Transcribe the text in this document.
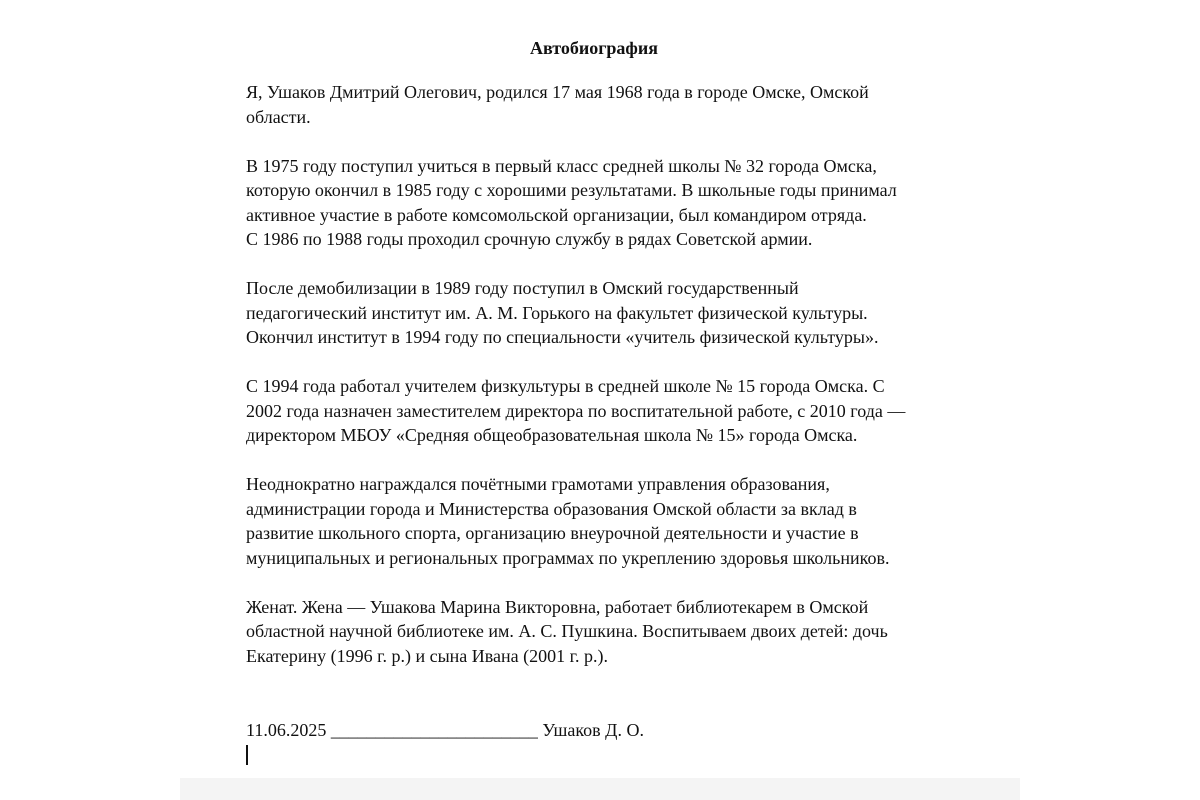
Автобиография

Я, Ушаков Дмитрий Олегович, родился 17 мая 1968 года в городе Омске, Омской
области.

В 1975 году поступил учиться в первый класс средней школы № 32 города Омска,
которую окончил в 1985 году с хорошими результатами. В школьные годы принимал
активное участие в работе комсомольской организации, был командиром отряда.
С 1986 по 1988 годы проходил срочную службу в рядах Советской армии.

После демобилизации в 1989 году поступил в Омский государственный
педагогический институт им. А. М. Горького на факультет физической культуры.
Окончил институт в 1994 году по специальности «учитель физической культуры».

С 1994 года работал учителем физкультуры в средней школе № 15 города Омска. С
2002 года назначен заместителем директора по воспитательной работе, с 2010 года —
директором МБОУ «Средняя общеобразовательная школа № 15» города Омска.

Неоднократно награждался почётными грамотами управления образования,
администрации города и Министерства образования Омской области за вклад в
развитие школьного спорта, организацию внеурочной деятельности и участие в
муниципальных и региональных программах по укреплению здоровья школьников.

Женат. Жена — Ушакова Марина Викторовна, работает библиотекарем в Омской
областной научной библиотеке им. А. С. Пушкина. Воспитываем двоих детей: дочь
Екатерину (1996 г. р.) и сына Ивана (2001 г. р.).

11.06.2025 _______________________ Ушаков Д. О.
